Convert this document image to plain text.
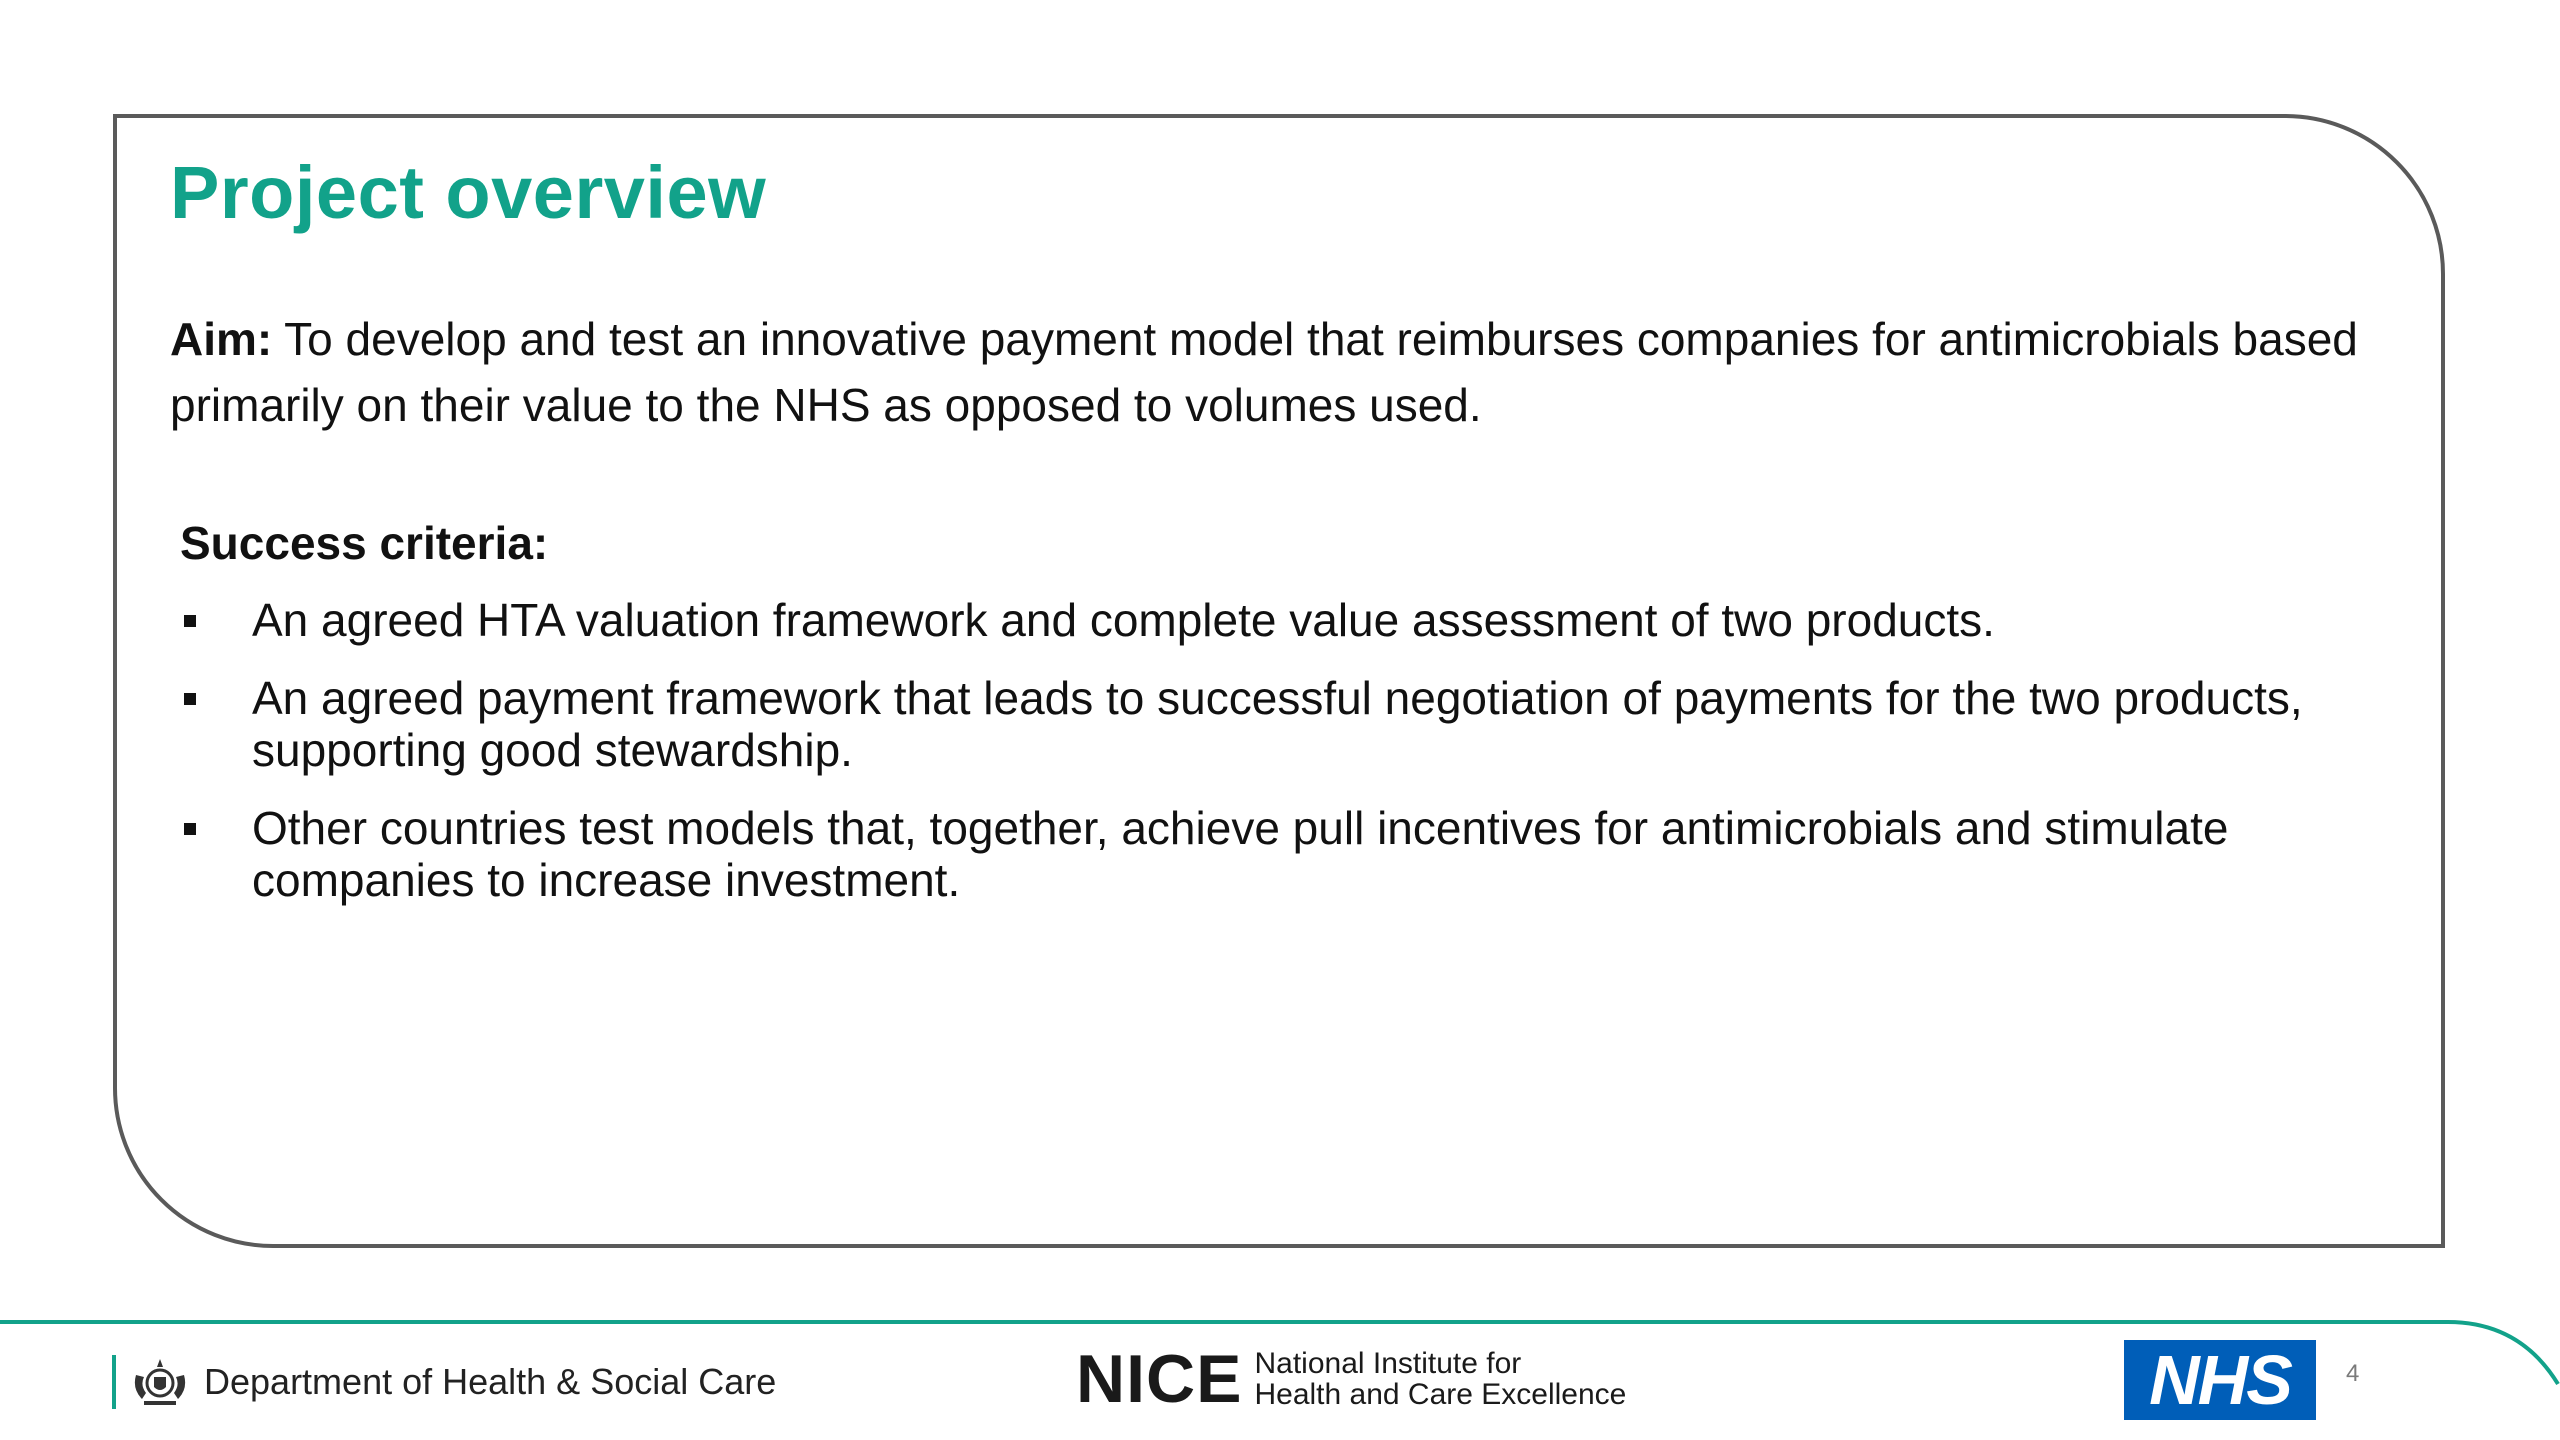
Project overview

Aim: To develop and test an innovative payment model that reimburses companies for antimicrobials based primarily on their value to the NHS as opposed to volumes used.

Success criteria:
An agreed HTA valuation framework and complete value assessment of two products.
An agreed payment framework that leads to successful negotiation of payments for the two products, supporting good stewardship.
Other countries test models that, together, achieve pull incentives for antimicrobials and stimulate companies to increase investment.
Department of Health & Social Care	NICE National Institute for
Health and Care Excellence	NHS 4
